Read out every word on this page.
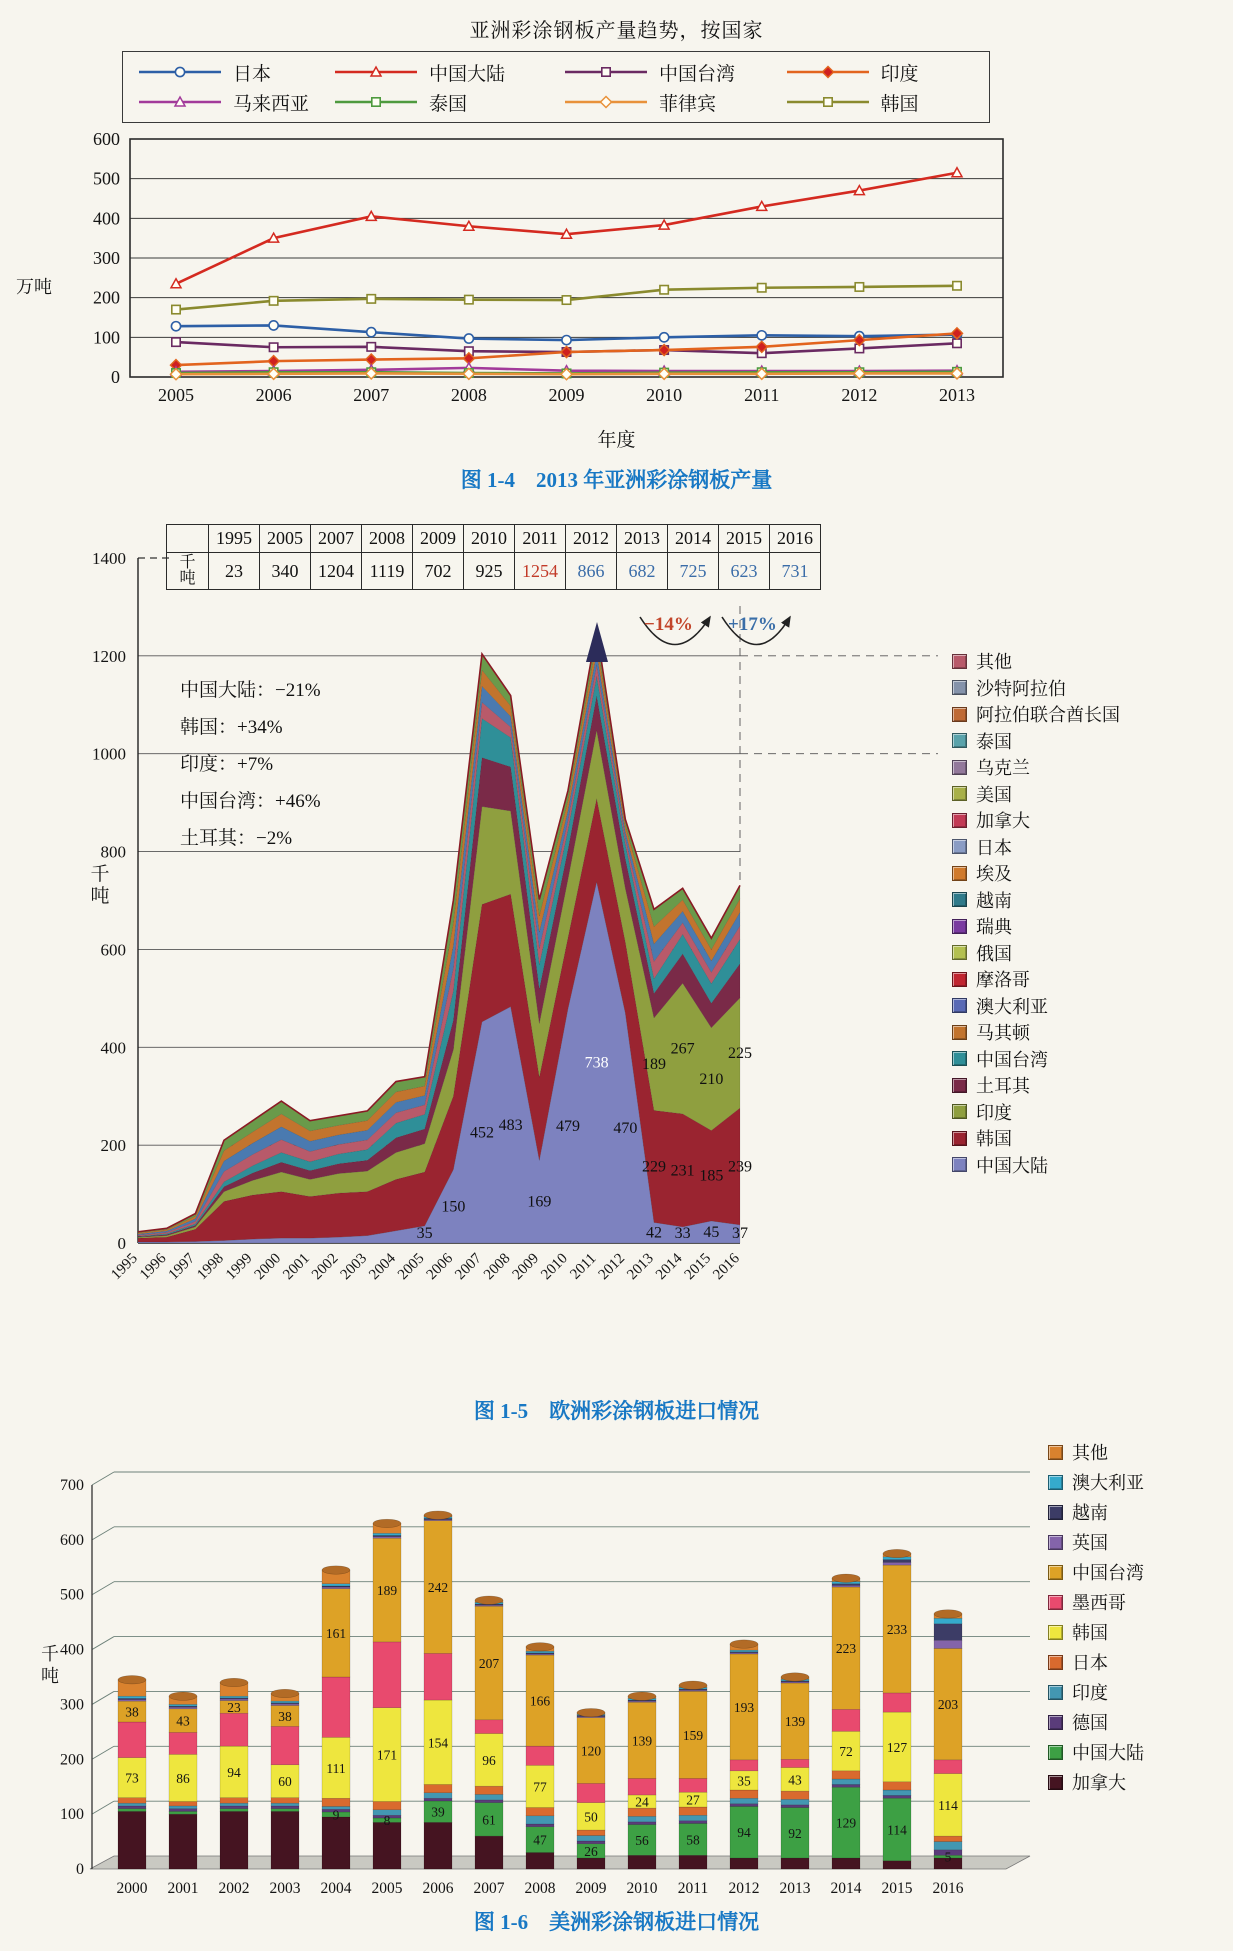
亚洲彩涂钢板产量趋势，按国家
日本	中国大陆	中国台湾	印度
马来西亚	泰国	菲律宾	韩国
万吨
0
100
200
300
400
500
600
2005	2006	2007	2008	2009	2010	2011	2012	2013
年度
图 1-4　2013 年亚洲彩涂钢板产量
200
400
600
800
1000
1200
0
1400
千
吨
1995
1996
1997
1998
1999
2000
2001
2002
2003
2004
2005
2006
2007
2008
2009
2010
2011
2012
2013
2014
2015
2016
35
150
452 483
169
479
738
470
42 33 45 37
229 231 185
239
189
267
210
225
	1995	2005	2007	2008	2009	2010	2011	2012	2013	2014	2015	2016
千
吨	23	340	1204	1119	702	925	1254	866	682	725	623	731
−14% +17%
中国大陆：−21%
韩国：+34%
印度：+7%
中国台湾：+46%
土耳其：−2%
其他
沙特阿拉伯
阿拉伯联合酋长国
泰国
乌克兰
美国
加拿大
日本
埃及
越南
瑞典
俄国
摩洛哥
澳大利亚
马其顿
中国台湾
土耳其
印度
韩国
中国大陆
图 1-5　欧洲彩涂钢板进口情况
100
200
300
400
500
600
700
0
千
吨
2000 2001 2002 2003 2004 2005 2006 2007 2008 2009 2010 2011 2012 2013 2014 2015 2016
73
38
86
43
94
23
60
38
9
111
161
8
171
189
39
154
242
61
96
207
47
77
166
26
50
120
56
24
139
58
27
159
94
35
193
92
43
139
129
72
223
114
127
233
5
114
203
其他
澳大利亚
越南
英国
中国台湾
墨西哥
韩国
日本
印度
德国
中国大陆
加拿大
图 1-6　美洲彩涂钢板进口情况
